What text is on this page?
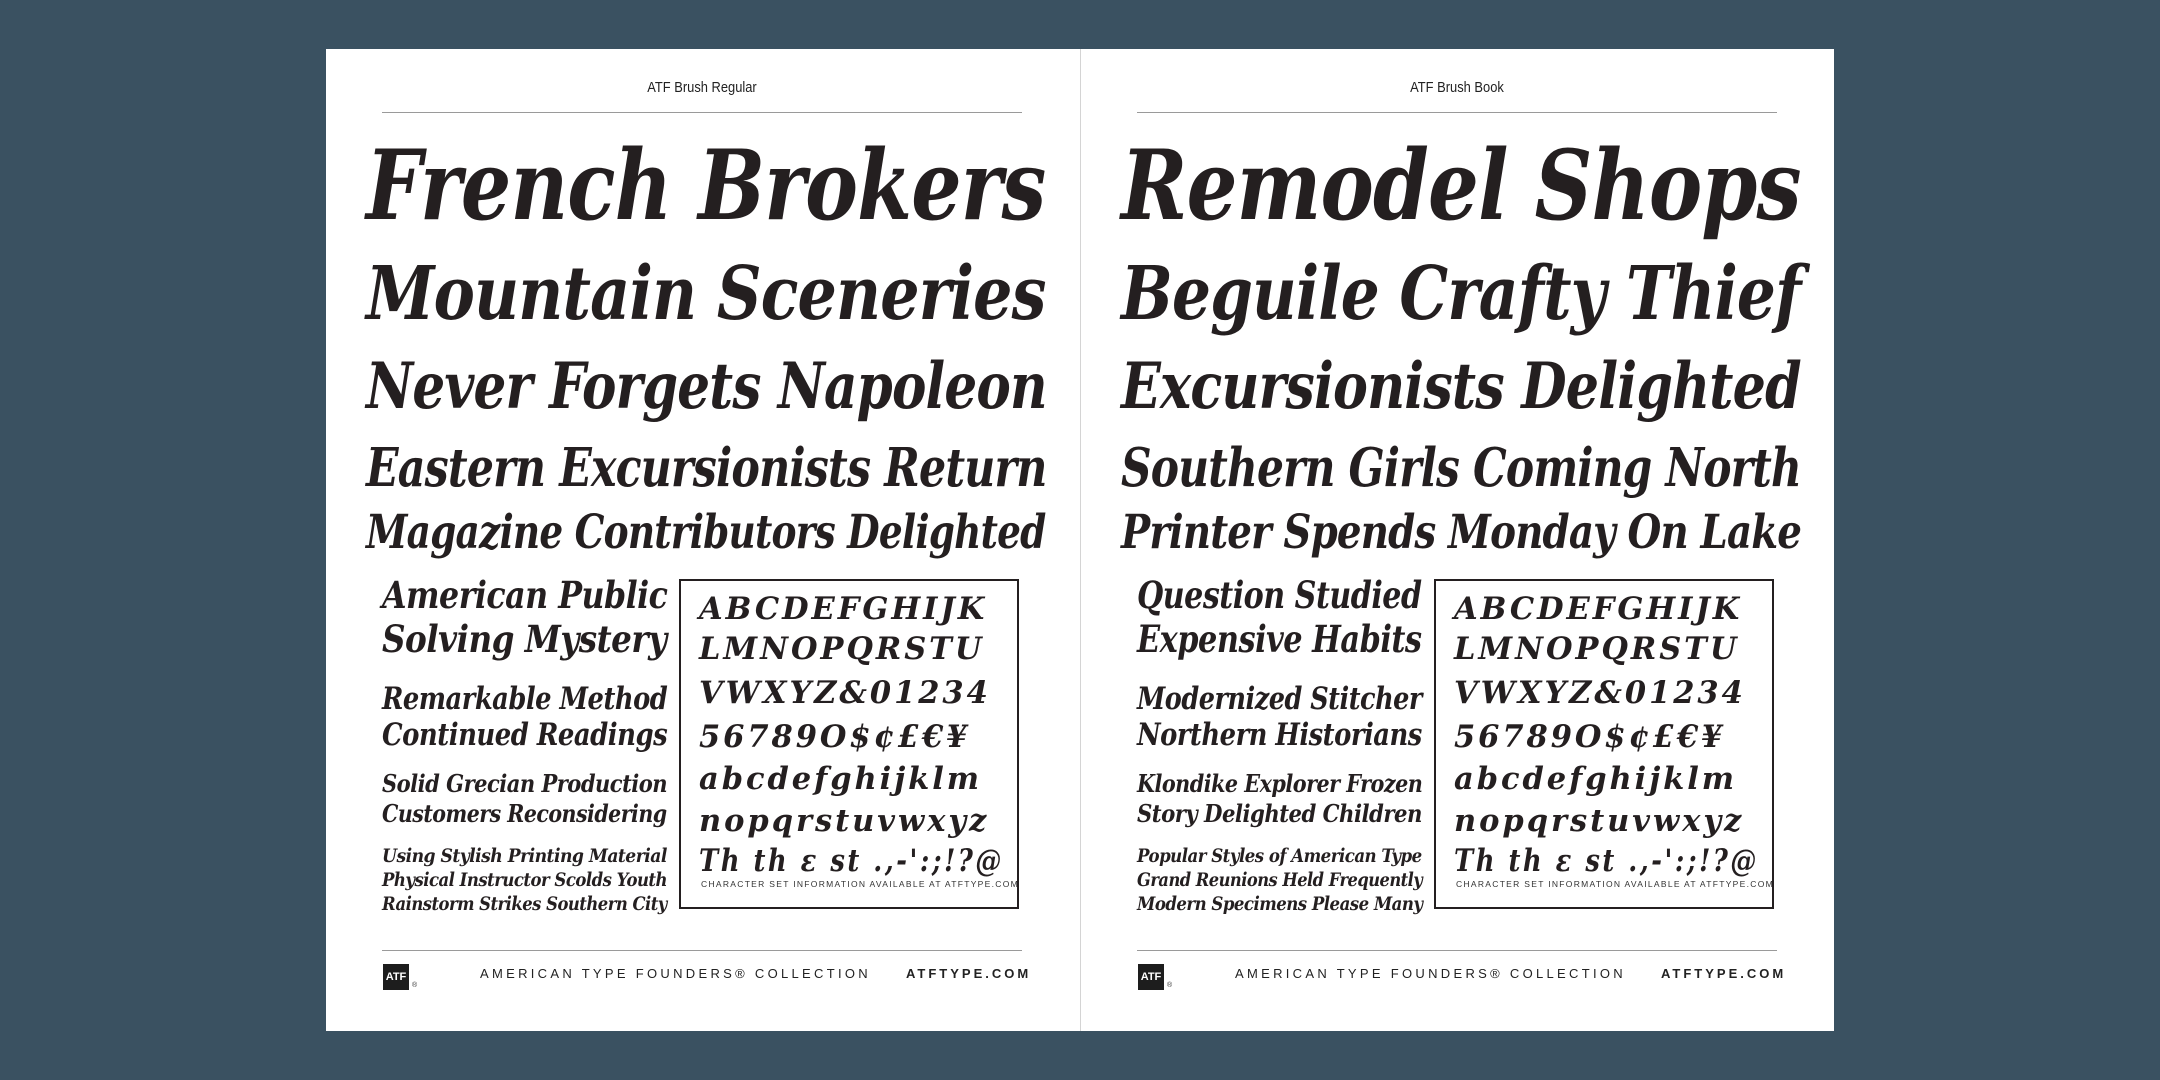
ATF Brush Regular
French Brokers
Mountain Sceneries
Never Forgets Napoleon
Eastern Excursionists Return
Magazine Contributors Delighted
American Public
Solving Mystery
Remarkable Method
Continued Readings
Solid Grecian Production
Customers Reconsidering
Using Stylish Printing Material
Physical Instructor Scolds Youth
Rainstorm Strikes Southern City
ABCDEFGHIJK
LMNOPQRSTU
VWXYZ&01234
56789O$¢£€¥
abcdefghijklm
nopqrstuvwxyz
Th th ɛ st .,-':;!?@
CHARACTER SET INFORMATION AVAILABLE AT ATFTYPE.COM
ATF
®
AMERICAN TYPE FOUNDERS® COLLECTION	ATFTYPE.COM
ATF Brush Book
Remodel Shops
Beguile Crafty Thief
Excursionists Delighted
Southern Girls Coming North
Printer Spends Monday On Lake
Question Studied
Expensive Habits
Modernized Stitcher
Northern Historians
Klondike Explorer Frozen
Story Delighted Children
Popular Styles of American Type
Grand Reunions Held Frequently
Modern Specimens Please Many
ABCDEFGHIJK
LMNOPQRSTU
VWXYZ&01234
56789O$¢£€¥
abcdefghijklm
nopqrstuvwxyz
Th th ɛ st .,-':;!?@
CHARACTER SET INFORMATION AVAILABLE AT ATFTYPE.COM
ATF
®
AMERICAN TYPE FOUNDERS® COLLECTION	ATFTYPE.COM
